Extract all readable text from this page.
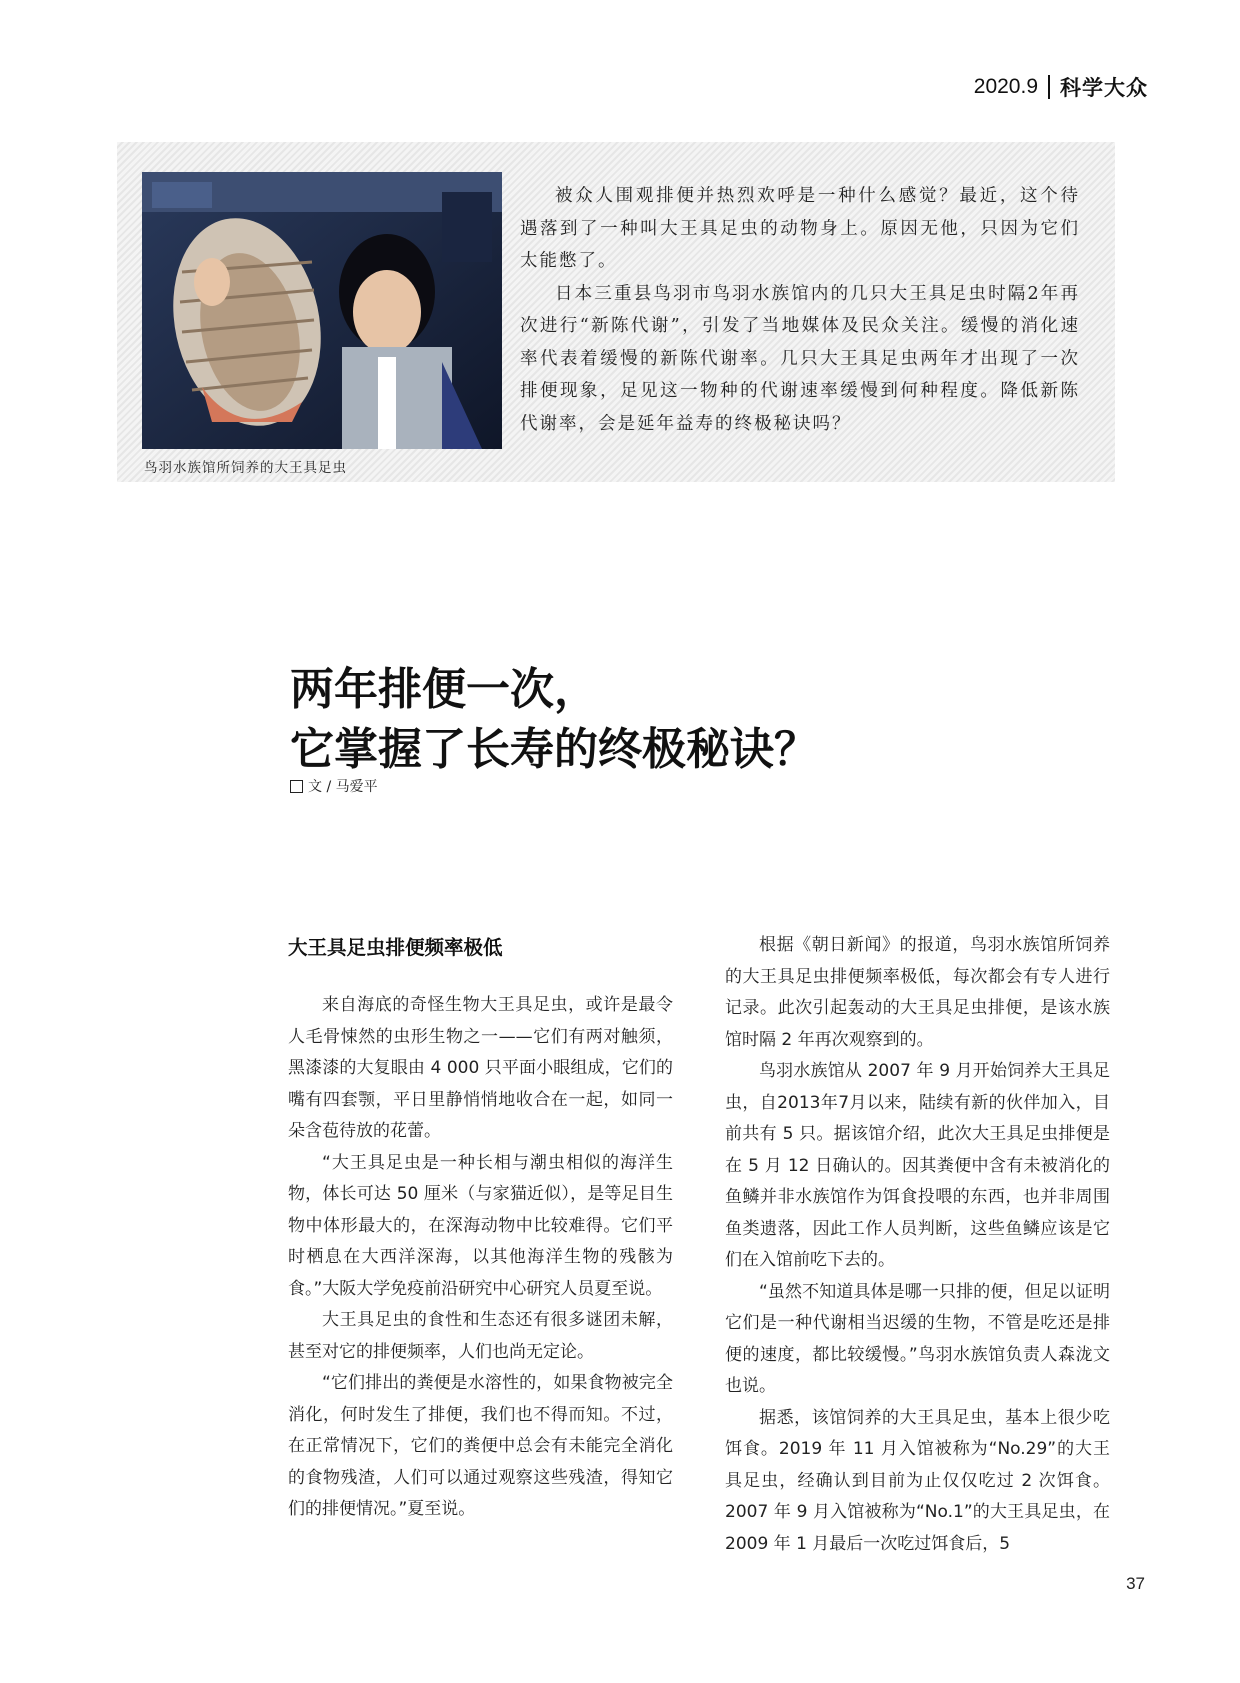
2020.9 科学大众
鸟羽水族馆所饲养的大王具足虫

被众人围观排便并热烈欢呼是一种什么感觉？最近，这个待遇落到了一种叫大王具足虫的动物身上。原因无他，只因为它们太能憋了。

日本三重县鸟羽市鸟羽水族馆内的几只大王具足虫时隔2年再次进行“新陈代谢”，引发了当地媒体及民众关注。缓慢的消化速率代表着缓慢的新陈代谢率。几只大王具足虫两年才出现了一次排便现象，足见这一物种的代谢速率缓慢到何种程度。降低新陈代谢率，会是延年益寿的终极秘诀吗？

两年排便一次，
它掌握了长寿的终极秘诀？
文 / 马爱平
大王具足虫排便频率极低

来自海底的奇怪生物大王具足虫，或许是最令人毛骨悚然的虫形生物之一——它们有两对触须，黑漆漆的大复眼由 4 000 只平面小眼组成，它们的嘴有四套颚，平日里静悄悄地收合在一起，如同一朵含苞待放的花蕾。

“大王具足虫是一种长相与潮虫相似的海洋生物，体长可达 50 厘米（与家猫近似），是等足目生物中体形最大的，在深海动物中比较难得。它们平时栖息在大西洋深海，以其他海洋生物的残骸为食。”大阪大学免疫前沿研究中心研究人员夏至说。

大王具足虫的食性和生态还有很多谜团未解，甚至对它的排便频率，人们也尚无定论。

“它们排出的粪便是水溶性的，如果食物被完全消化，何时发生了排便，我们也不得而知。不过，在正常情况下，它们的粪便中总会有未能完全消化的食物残渣，人们可以通过观察这些残渣，得知它们的排便情况。”夏至说。

根据《朝日新闻》的报道，鸟羽水族馆所饲养的大王具足虫排便频率极低，每次都会有专人进行记录。此次引起轰动的大王具足虫排便，是该水族馆时隔 2 年再次观察到的。

鸟羽水族馆从 2007 年 9 月开始饲养大王具足虫，自2013年7月以来，陆续有新的伙伴加入，目前共有 5 只。据该馆介绍，此次大王具足虫排便是在 5 月 12 日确认的。因其粪便中含有未被消化的鱼鳞并非水族馆作为饵食投喂的东西，也并非周围鱼类遗落，因此工作人员判断，这些鱼鳞应该是它们在入馆前吃下去的。

“虽然不知道具体是哪一只排的便，但足以证明它们是一种代谢相当迟缓的生物，不管是吃还是排便的速度，都比较缓慢。”鸟羽水族馆负责人森泷文也说。

据悉，该馆饲养的大王具足虫，基本上很少吃饵食。2019 年 11 月入馆被称为“No.29”的大王具足虫，经确认到目前为止仅仅吃过 2 次饵食。2007 年 9 月入馆被称为“No.1”的大王具足虫，在 2009 年 1 月最后一次吃过饵食后，5

37
